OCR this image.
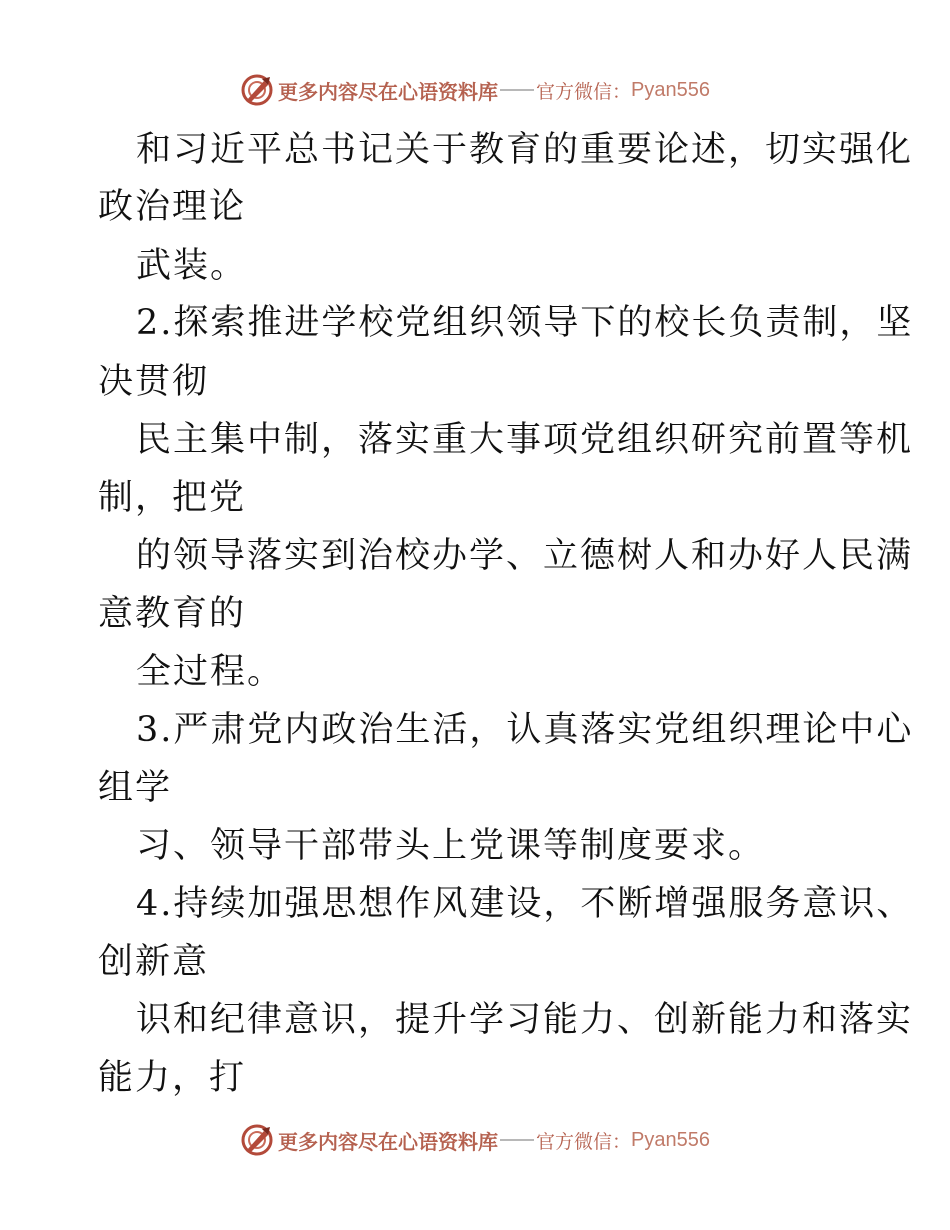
更多内容尽在心语资料库 官方微信： Pyan556
和习近平总书记关于教育的重要论述，切实强化
政治理论
武装。
2.探索推进学校党组织领导下的校长负责制，坚
决贯彻
民主集中制，落实重大事项党组织研究前置等机
制，把党
的领导落实到治校办学、立德树人和办好人民满
意教育的
全过程。
3.严肃党内政治生活，认真落实党组织理论中心
组学
习、领导干部带头上党课等制度要求。
4.持续加强思想作风建设，不断增强服务意识、
创新意
识和纪律意识，提升学习能力、创新能力和落实
能力，打
更多内容尽在心语资料库 官方微信： Pyan556
